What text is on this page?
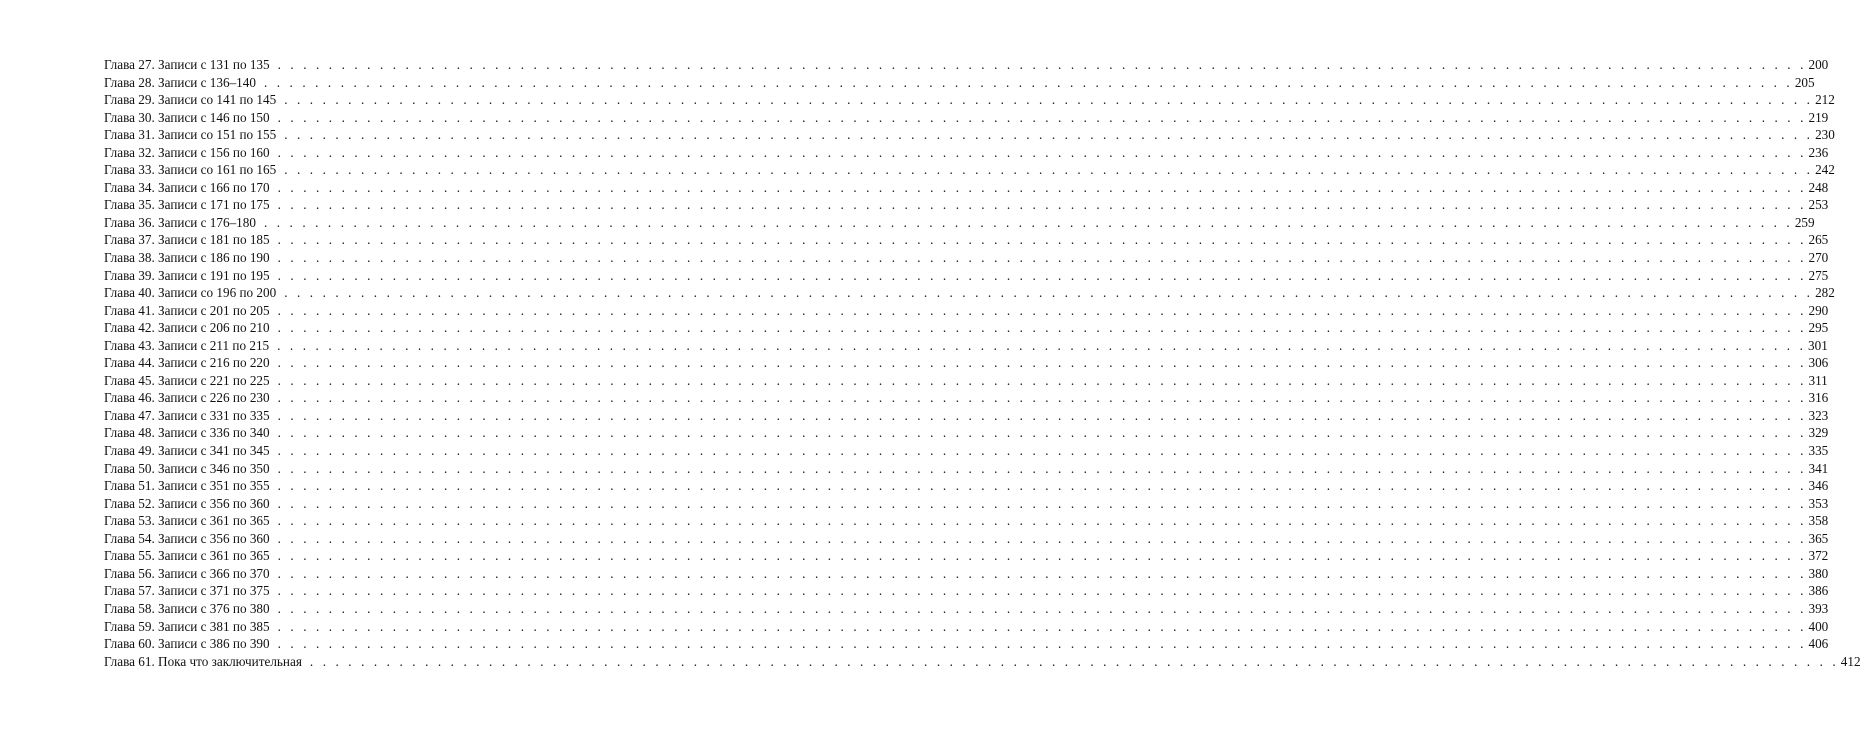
Глава 27. Записи с 131 по 135 . . . . . . . . . . . . . . . . . . . . . . . . . . . . . . . . . . . . . . . . . . . . . . . . . . . . . . . . . . . . . . . . . . . . . . . . . . . . . . . . . . . . . . . . . . . . . . . . . . . . . . . . . . . . . . . . . . . . . . . . 200
Глава 28. Записи с 136–140 . . . . . . . . . . . . . . . . . . . . . . . . . . . . . . . . . . . . . . . . . . . . . . . . . . . . . . . . . . . . . . . . . . . . . . . . . . . . . . . . . . . . . . . . . . . . . . . . . . . . . . . . . . . . . . . . . . . . . . . . 205
Глава 29. Записи со 141 по 145 . . . . . . . . . . . . . . . . . . . . . . . . . . . . . . . . . . . . . . . . . . . . . . . . . . . . . . . . . . . . . . . . . . . . . . . . . . . . . . . . . . . . . . . . . . . . . . . . . . . . . . . . . . . . . . . . . . . . . . . . 212
Глава 30. Записи с 146 по 150 . . . . . . . . . . . . . . . . . . . . . . . . . . . . . . . . . . . . . . . . . . . . . . . . . . . . . . . . . . . . . . . . . . . . . . . . . . . . . . . . . . . . . . . . . . . . . . . . . . . . . . . . . . . . . . . . . . . . . . . . 219
Глава 31. Записи со 151 по 155 . . . . . . . . . . . . . . . . . . . . . . . . . . . . . . . . . . . . . . . . . . . . . . . . . . . . . . . . . . . . . . . . . . . . . . . . . . . . . . . . . . . . . . . . . . . . . . . . . . . . . . . . . . . . . . . . . . . . . . . . 230
Глава 32. Записи с 156 по 160 . . . . . . . . . . . . . . . . . . . . . . . . . . . . . . . . . . . . . . . . . . . . . . . . . . . . . . . . . . . . . . . . . . . . . . . . . . . . . . . . . . . . . . . . . . . . . . . . . . . . . . . . . . . . . . . . . . . . . . . . 236
Глава 33. Записи со 161 по 165 . . . . . . . . . . . . . . . . . . . . . . . . . . . . . . . . . . . . . . . . . . . . . . . . . . . . . . . . . . . . . . . . . . . . . . . . . . . . . . . . . . . . . . . . . . . . . . . . . . . . . . . . . . . . . . . . . . . . . . . . 242
Глава 34. Записи с 166 по 170 . . . . . . . . . . . . . . . . . . . . . . . . . . . . . . . . . . . . . . . . . . . . . . . . . . . . . . . . . . . . . . . . . . . . . . . . . . . . . . . . . . . . . . . . . . . . . . . . . . . . . . . . . . . . . . . . . . . . . . . . 248
Глава 35. Записи с 171 по 175 . . . . . . . . . . . . . . . . . . . . . . . . . . . . . . . . . . . . . . . . . . . . . . . . . . . . . . . . . . . . . . . . . . . . . . . . . . . . . . . . . . . . . . . . . . . . . . . . . . . . . . . . . . . . . . . . . . . . . . . . 253
Глава 36. Записи с 176–180 . . . . . . . . . . . . . . . . . . . . . . . . . . . . . . . . . . . . . . . . . . . . . . . . . . . . . . . . . . . . . . . . . . . . . . . . . . . . . . . . . . . . . . . . . . . . . . . . . . . . . . . . . . . . . . . . . . . . . . . . 259
Глава 37. Записи с 181 по 185 . . . . . . . . . . . . . . . . . . . . . . . . . . . . . . . . . . . . . . . . . . . . . . . . . . . . . . . . . . . . . . . . . . . . . . . . . . . . . . . . . . . . . . . . . . . . . . . . . . . . . . . . . . . . . . . . . . . . . . . . 265
Глава 38. Записи с 186 по 190 . . . . . . . . . . . . . . . . . . . . . . . . . . . . . . . . . . . . . . . . . . . . . . . . . . . . . . . . . . . . . . . . . . . . . . . . . . . . . . . . . . . . . . . . . . . . . . . . . . . . . . . . . . . . . . . . . . . . . . . . 270
Глава 39. Записи с 191 по 195 . . . . . . . . . . . . . . . . . . . . . . . . . . . . . . . . . . . . . . . . . . . . . . . . . . . . . . . . . . . . . . . . . . . . . . . . . . . . . . . . . . . . . . . . . . . . . . . . . . . . . . . . . . . . . . . . . . . . . . . . 275
Глава 40. Записи со 196 по 200 . . . . . . . . . . . . . . . . . . . . . . . . . . . . . . . . . . . . . . . . . . . . . . . . . . . . . . . . . . . . . . . . . . . . . . . . . . . . . . . . . . . . . . . . . . . . . . . . . . . . . . . . . . . . . . . . . . . . . . . . 282
Глава 41. Записи с 201 по 205 . . . . . . . . . . . . . . . . . . . . . . . . . . . . . . . . . . . . . . . . . . . . . . . . . . . . . . . . . . . . . . . . . . . . . . . . . . . . . . . . . . . . . . . . . . . . . . . . . . . . . . . . . . . . . . . . . . . . . . . . 290
Глава 42. Записи с 206 по 210 . . . . . . . . . . . . . . . . . . . . . . . . . . . . . . . . . . . . . . . . . . . . . . . . . . . . . . . . . . . . . . . . . . . . . . . . . . . . . . . . . . . . . . . . . . . . . . . . . . . . . . . . . . . . . . . . . . . . . . . . 295
Глава 43. Записи с 211 по 215 . . . . . . . . . . . . . . . . . . . . . . . . . . . . . . . . . . . . . . . . . . . . . . . . . . . . . . . . . . . . . . . . . . . . . . . . . . . . . . . . . . . . . . . . . . . . . . . . . . . . . . . . . . . . . . . . . . . . . . . . 301
Глава 44. Записи с 216 по 220 . . . . . . . . . . . . . . . . . . . . . . . . . . . . . . . . . . . . . . . . . . . . . . . . . . . . . . . . . . . . . . . . . . . . . . . . . . . . . . . . . . . . . . . . . . . . . . . . . . . . . . . . . . . . . . . . . . . . . . . . 306
Глава 45. Записи с 221 по 225 . . . . . . . . . . . . . . . . . . . . . . . . . . . . . . . . . . . . . . . . . . . . . . . . . . . . . . . . . . . . . . . . . . . . . . . . . . . . . . . . . . . . . . . . . . . . . . . . . . . . . . . . . . . . . . . . . . . . . . . . 311
Глава 46. Записи с 226 по 230 . . . . . . . . . . . . . . . . . . . . . . . . . . . . . . . . . . . . . . . . . . . . . . . . . . . . . . . . . . . . . . . . . . . . . . . . . . . . . . . . . . . . . . . . . . . . . . . . . . . . . . . . . . . . . . . . . . . . . . . . 316
Глава 47. Записи с 331 по 335 . . . . . . . . . . . . . . . . . . . . . . . . . . . . . . . . . . . . . . . . . . . . . . . . . . . . . . . . . . . . . . . . . . . . . . . . . . . . . . . . . . . . . . . . . . . . . . . . . . . . . . . . . . . . . . . . . . . . . . . . 323
Глава 48. Записи с 336 по 340 . . . . . . . . . . . . . . . . . . . . . . . . . . . . . . . . . . . . . . . . . . . . . . . . . . . . . . . . . . . . . . . . . . . . . . . . . . . . . . . . . . . . . . . . . . . . . . . . . . . . . . . . . . . . . . . . . . . . . . . . 329
Глава 49. Записи с 341 по 345 . . . . . . . . . . . . . . . . . . . . . . . . . . . . . . . . . . . . . . . . . . . . . . . . . . . . . . . . . . . . . . . . . . . . . . . . . . . . . . . . . . . . . . . . . . . . . . . . . . . . . . . . . . . . . . . . . . . . . . . . 335
Глава 50. Записи с 346 по 350 . . . . . . . . . . . . . . . . . . . . . . . . . . . . . . . . . . . . . . . . . . . . . . . . . . . . . . . . . . . . . . . . . . . . . . . . . . . . . . . . . . . . . . . . . . . . . . . . . . . . . . . . . . . . . . . . . . . . . . . . 341
Глава 51. Записи с 351 по 355 . . . . . . . . . . . . . . . . . . . . . . . . . . . . . . . . . . . . . . . . . . . . . . . . . . . . . . . . . . . . . . . . . . . . . . . . . . . . . . . . . . . . . . . . . . . . . . . . . . . . . . . . . . . . . . . . . . . . . . . . 346
Глава 52. Записи с 356 по 360 . . . . . . . . . . . . . . . . . . . . . . . . . . . . . . . . . . . . . . . . . . . . . . . . . . . . . . . . . . . . . . . . . . . . . . . . . . . . . . . . . . . . . . . . . . . . . . . . . . . . . . . . . . . . . . . . . . . . . . . . 353
Глава 53. Записи с 361 по 365 . . . . . . . . . . . . . . . . . . . . . . . . . . . . . . . . . . . . . . . . . . . . . . . . . . . . . . . . . . . . . . . . . . . . . . . . . . . . . . . . . . . . . . . . . . . . . . . . . . . . . . . . . . . . . . . . . . . . . . . . 358
Глава 54. Записи с 356 по 360 . . . . . . . . . . . . . . . . . . . . . . . . . . . . . . . . . . . . . . . . . . . . . . . . . . . . . . . . . . . . . . . . . . . . . . . . . . . . . . . . . . . . . . . . . . . . . . . . . . . . . . . . . . . . . . . . . . . . . . . . 365
Глава 55. Записи с 361 по 365 . . . . . . . . . . . . . . . . . . . . . . . . . . . . . . . . . . . . . . . . . . . . . . . . . . . . . . . . . . . . . . . . . . . . . . . . . . . . . . . . . . . . . . . . . . . . . . . . . . . . . . . . . . . . . . . . . . . . . . . . 372
Глава 56. Записи с 366 по 370 . . . . . . . . . . . . . . . . . . . . . . . . . . . . . . . . . . . . . . . . . . . . . . . . . . . . . . . . . . . . . . . . . . . . . . . . . . . . . . . . . . . . . . . . . . . . . . . . . . . . . . . . . . . . . . . . . . . . . . . . 380
Глава 57. Записи с 371 по 375 . . . . . . . . . . . . . . . . . . . . . . . . . . . . . . . . . . . . . . . . . . . . . . . . . . . . . . . . . . . . . . . . . . . . . . . . . . . . . . . . . . . . . . . . . . . . . . . . . . . . . . . . . . . . . . . . . . . . . . . . 386
Глава 58. Записи с 376 по 380 . . . . . . . . . . . . . . . . . . . . . . . . . . . . . . . . . . . . . . . . . . . . . . . . . . . . . . . . . . . . . . . . . . . . . . . . . . . . . . . . . . . . . . . . . . . . . . . . . . . . . . . . . . . . . . . . . . . . . . . . 393
Глава 59. Записи с 381 по 385 . . . . . . . . . . . . . . . . . . . . . . . . . . . . . . . . . . . . . . . . . . . . . . . . . . . . . . . . . . . . . . . . . . . . . . . . . . . . . . . . . . . . . . . . . . . . . . . . . . . . . . . . . . . . . . . . . . . . . . . . 400
Глава 60. Записи с 386 по 390 . . . . . . . . . . . . . . . . . . . . . . . . . . . . . . . . . . . . . . . . . . . . . . . . . . . . . . . . . . . . . . . . . . . . . . . . . . . . . . . . . . . . . . . . . . . . . . . . . . . . . . . . . . . . . . . . . . . . . . . . 406
Глава 61. Пока что заключительная . . . . . . . . . . . . . . . . . . . . . . . . . . . . . . . . . . . . . . . . . . . . . . . . . . . . . . . . . . . . . . . . . . . . . . . . . . . . . . . . . . . . . . . . . . . . . . . . . . . . . . . . . . . . . . . . . . . . . . . . 412
